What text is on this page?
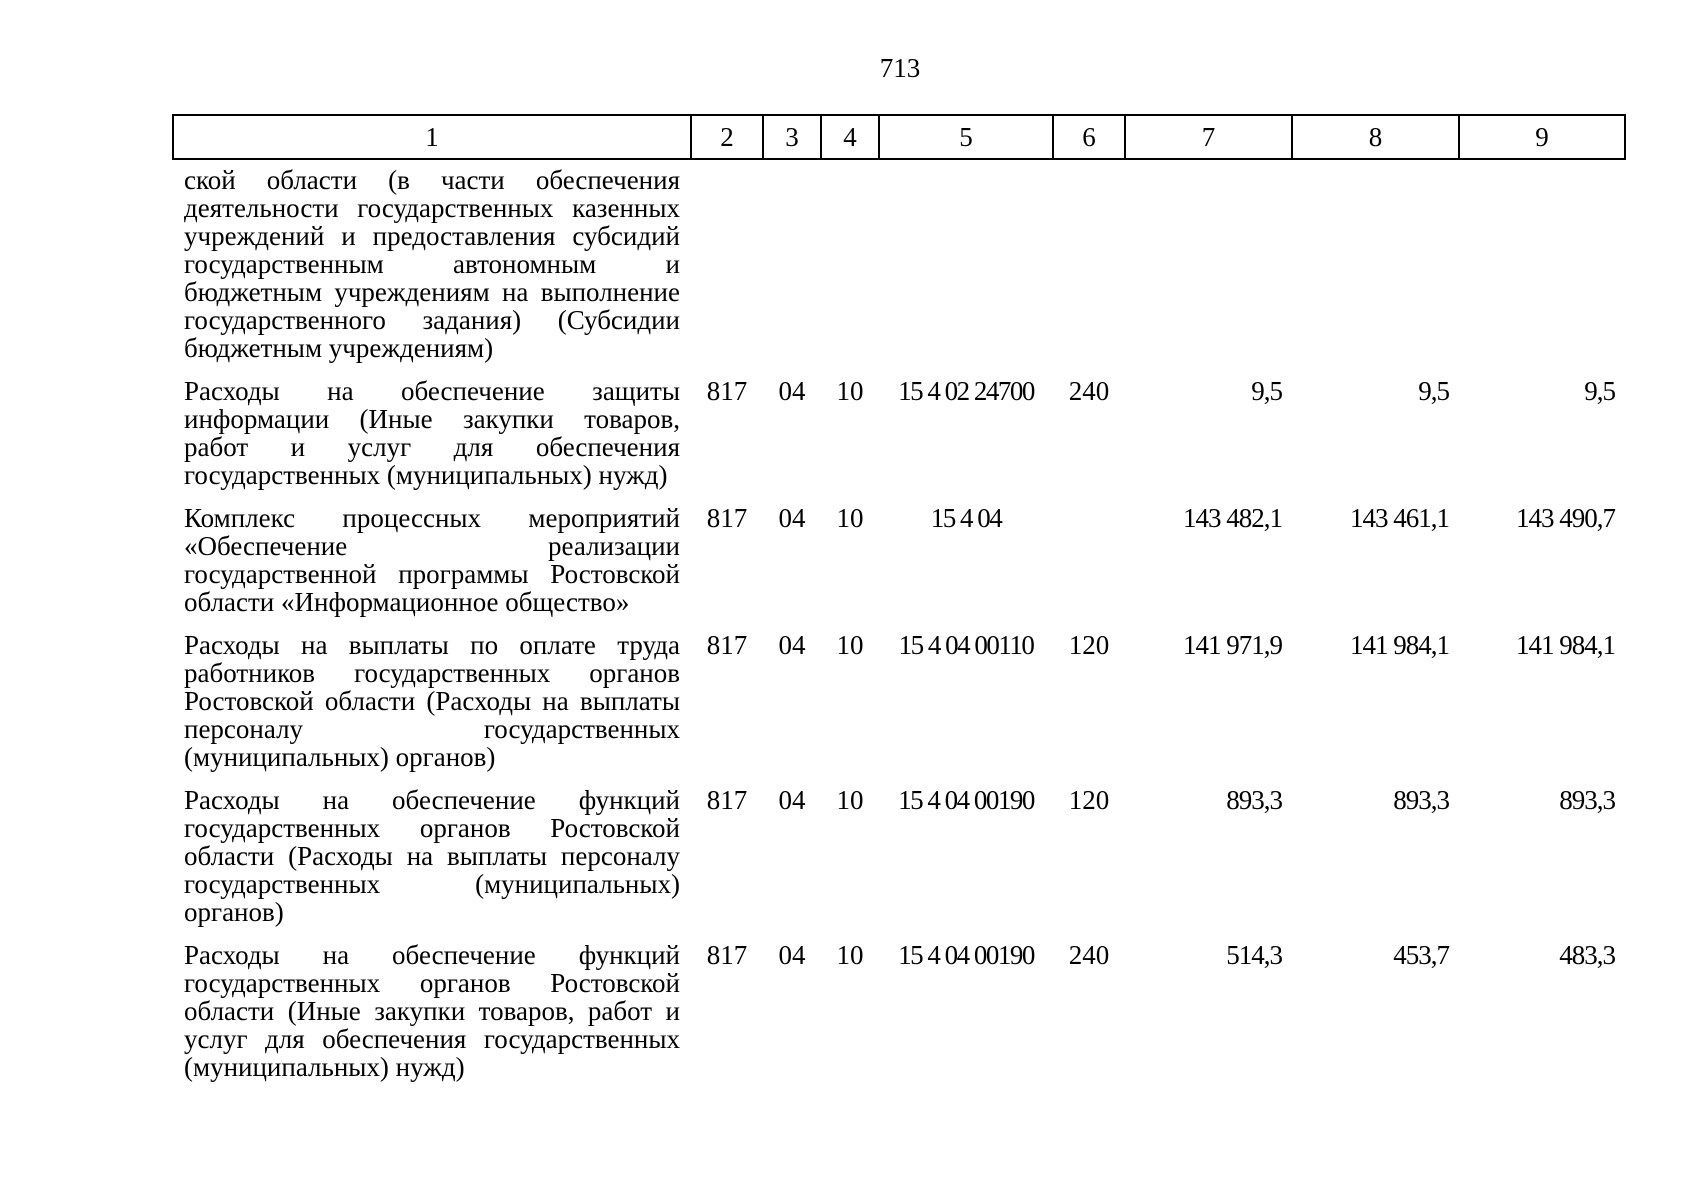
713
1	2	3	4	5	6	7	8	9
ской области (в части обеспечения деятельности государственных казенных учреждений и предоставления субсидий государственным автономным и бюджетным учреждениям на выполнение государственного задания) (Субсидии бюджетным учреждениям)								
Расходы на обеспечение защиты информации (Иные закупки товаров, работ и услуг для обеспечения государственных (муниципальных) нужд)	817	04	10	15 4 02 24700	240	9,5	9,5	9,5
Комплекс процессных мероприятий «Обеспечение реализации государственной программы Ростовской области «Информационное общество»	817	04	10	15 4 04		143 482,1	143 461,1	143 490,7
Расходы на выплаты по оплате труда работников государственных органов Ростовской области (Расходы на выплаты персоналу государственных (муниципальных) органов)	817	04	10	15 4 04 00110	120	141 971,9	141 984,1	141 984,1
Расходы на обеспечение функций государственных органов Ростовской области (Расходы на выплаты персоналу государственных (муниципальных) органов)	817	04	10	15 4 04 00190	120	893,3	893,3	893,3
Расходы на обеспечение функций государственных органов Ростовской области (Иные закупки товаров, работ и услуг для обеспечения государственных (муниципальных) нужд)	817	04	10	15 4 04 00190	240	514,3	453,7	483,3
